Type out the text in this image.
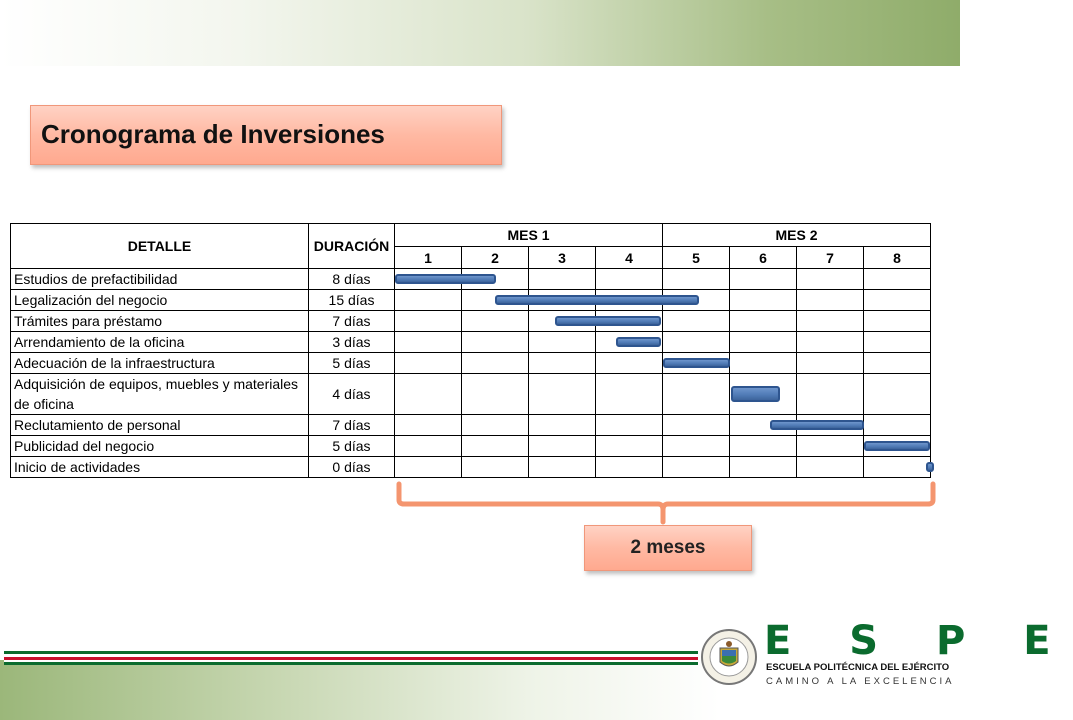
Cronograma de Inversiones
DETALLE	DURACIÓN	MES 1				MES 2			
		1	2	3	4	5	6	7	8
Estudios de prefactibilidad	8 días								
Legalización del negocio	15 días								
Trámites para préstamo	7 días								
Arrendamiento de la oficina	3 días								
Adecuación de la infraestructura	5 días								
Adquisición de equipos, muebles y materiales de oficina	4 días								
Reclutamiento de personal	7 días								
Publicidad del negocio	5 días								
Inicio de actividades	0 días								
2 meses
E S P E
ESCUELA POLITÉCNICA DEL EJÉRCITO
CAMINO A LA EXCELENCIA
